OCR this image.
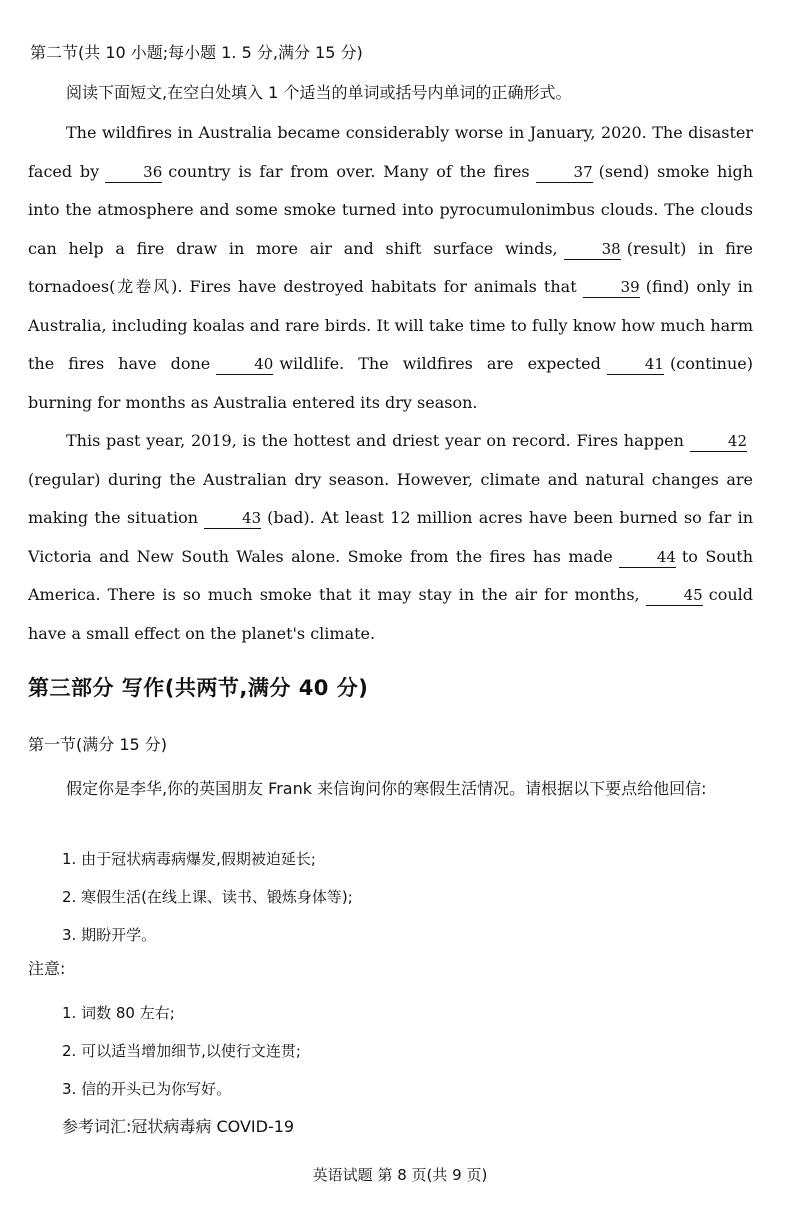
第二节(共 10 小题;每小题 1. 5 分,满分 15 分)
阅读下面短文,在空白处填入 1 个适当的单词或括号内单词的正确形式。
The wildfires in Australia became considerably worse in January, 2020. The disaster faced by	36 country is far from over. Many of the fires	37 (send) smoke high into the atmosphere and some smoke turned into pyrocumulonimbus clouds. The clouds can help a fire draw in more air and shift surface winds,	38 (result) in fire tornadoes(龙卷风). Fires have destroyed habitats for animals that	39 (find) only in Australia, including koalas and rare birds. It will take time to fully know how much harm the fires have done	40 wildlife. The wildfires are expected	41 (continue) burning for months as Australia entered its dry season.
This past year, 2019, is the hottest and driest year on record. Fires happen	42(regular) during the Australian dry season. However, climate and natural changes are making the situation	43 (bad). At least 12 million acres have been burned so far in Victoria and New South Wales alone. Smoke from the fires has made	44 to South America. There is so much smoke that it may stay in the air for months,	45 could have a small effect on the planet's climate.
第三部分 写作(共两节,满分 40 分)
第一节(满分 15 分)
假定你是李华,你的英国朋友 Frank 来信询问你的寒假生活情况。请根据以下要点给他回信:
1. 由于冠状病毒病爆发,假期被迫延长;
2. 寒假生活(在线上课、读书、锻炼身体等);
3. 期盼开学。
注意:
1. 词数 80 左右;
2. 可以适当增加细节,以使行文连贯;
3. 信的开头已为你写好。
参考词汇:冠状病毒病 COVID-19
英语试题 第 8 页(共 9 页)
